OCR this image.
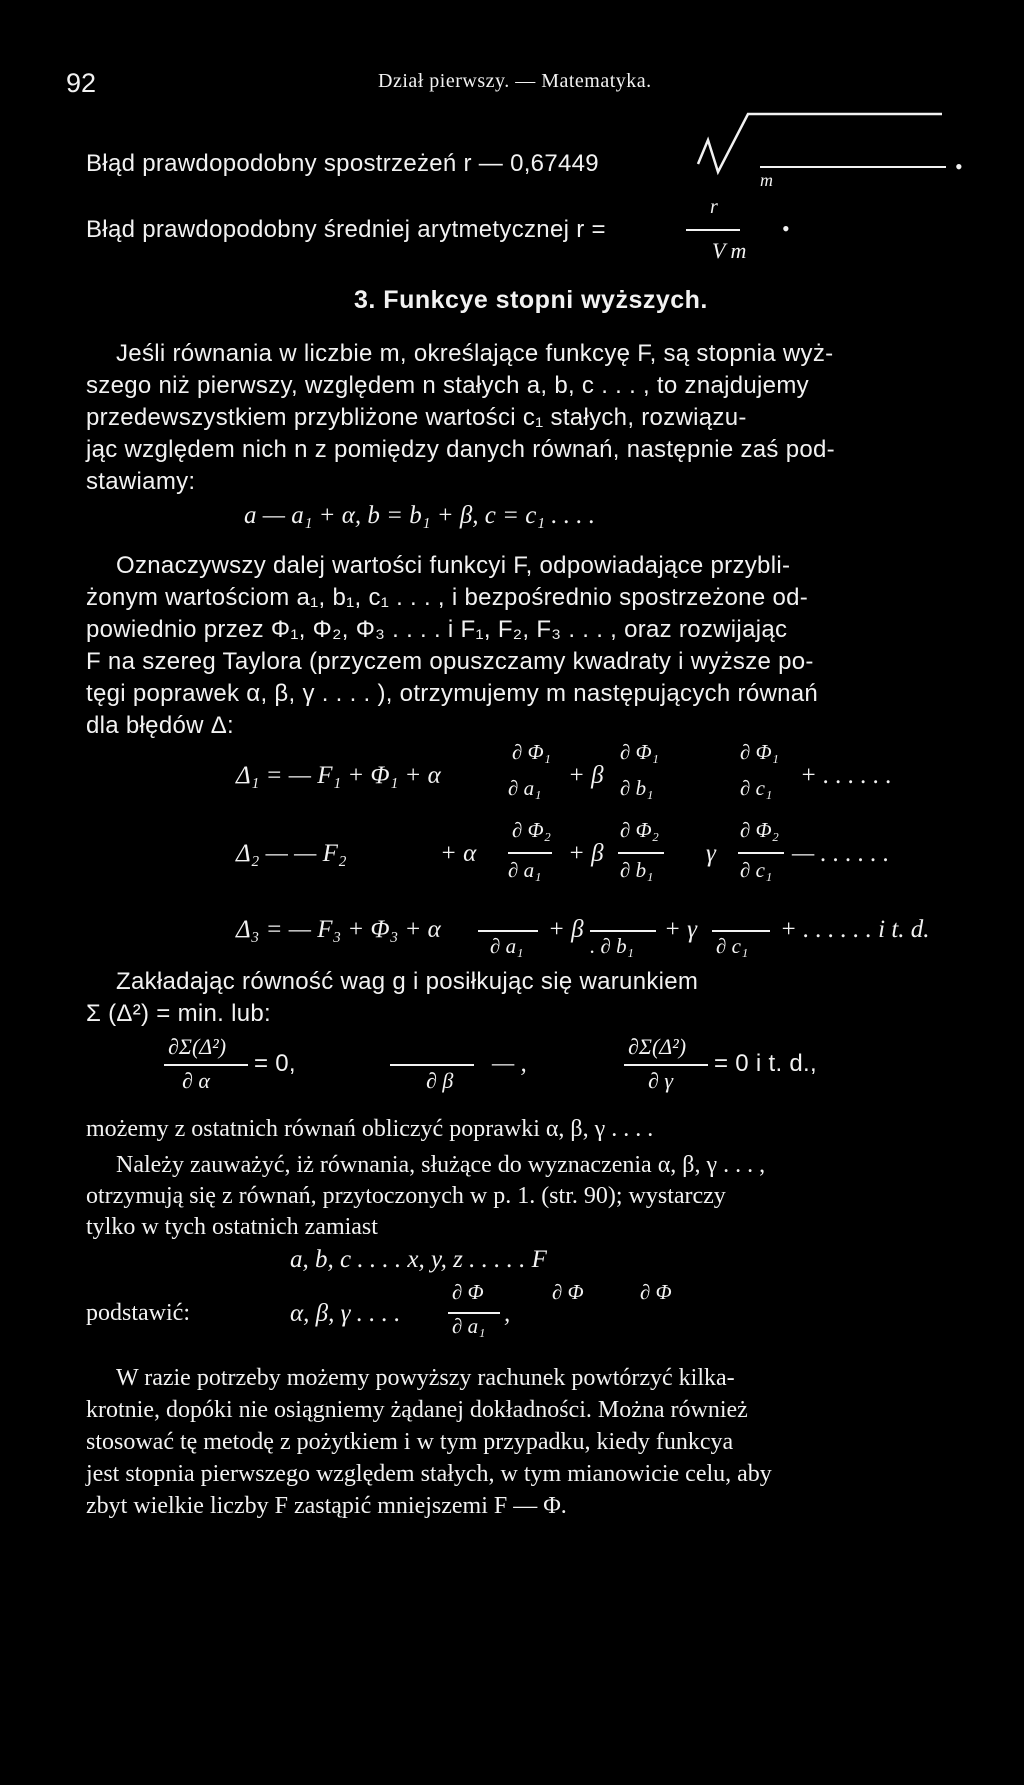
92	Dział pierwszy. — Matematyka.
Błąd prawdopodobny spostrzeżeń r — 0,67449	•
m
Błąd prawdopodobny średniej arytmetycznej r =
r
•
V m
3. Funkcye stopni wyższych.
Jeśli równania w liczbie m, określające funkcyę F, są stopnia wyż-
szego niż pierwszy, względem n stałych a, b, c . . . , to znajdujemy
przedewszystkiem przybliżone wartości c₁ stałych, rozwiązu-
jąc względem nich n z pomiędzy danych równań, następnie zaś pod-
stawiamy:
a — a₁ + α, b = b₁ + β, c = c₁ . . . .
Oznaczywszy dalej wartości funkcyi F, odpowiadające przybli-
żonym wartościom a₁, b₁, c₁ . . . , i bezpośrednio spostrzeżone od-
powiednio przez Φ₁, Φ₂, Φ₃ . . . . i F₁, F₂, F₃ . . . , oraz rozwijając
F na szereg Taylora (przyczem opuszczamy kwadraty i wyższe po-
tęgi poprawek α, β, γ . . . . ), otrzymujemy m następujących równań
dla błędów Δ:
Δ₁ = — F₁ + Φ₁ + α
∂ Φ₁
∂ a₁ + β
∂ Φ₁
∂ b₁
∂ Φ₁
∂ c₁ + . . . . . .
Δ₂ — — F₂	+ α
∂ Φ₂
∂ a₁
+ β
∂ Φ₂
∂ b₁
γ
∂ Φ₂
∂ c₁
— . . . . . .
Δ₃ = — F₃ + Φ₃ + α
∂ a₁
+ β
. ∂ b₁
+ γ
∂ c₁
+ . . . . . . i t. d.
Zakładając równość wag g i posiłkując się warunkiem
Σ (Δ²) = min. lub:
∂Σ(Δ²)
∂ α
= 0,
∂ β
— ,
∂Σ(Δ²)
∂ γ
= 0 i t. d.,
możemy z ostatnich równań obliczyć poprawki α, β, γ . . . .
Należy zauważyć, iż równania, służące do wyznaczenia α, β, γ . . . ,
otrzymują się z równań, przytoczonych w p. 1. (str. 90); wystarczy
tylko w tych ostatnich zamiast
a, b, c . . . . x, y, z . . . . . F
∂ Φ	∂ Φ	∂ Φ
podstawić:	α, β, γ . . . . ∂ a₁ ,
W razie potrzeby możemy powyższy rachunek powtórzyć kilka-
krotnie, dopóki nie osiągniemy żądanej dokładności. Można również
stosować tę metodę z pożytkiem i w tym przypadku, kiedy funkcya
jest stopnia pierwszego względem stałych, w tym mianowicie celu, aby
zbyt wielkie liczby F zastąpić mniejszemi F — Φ.
